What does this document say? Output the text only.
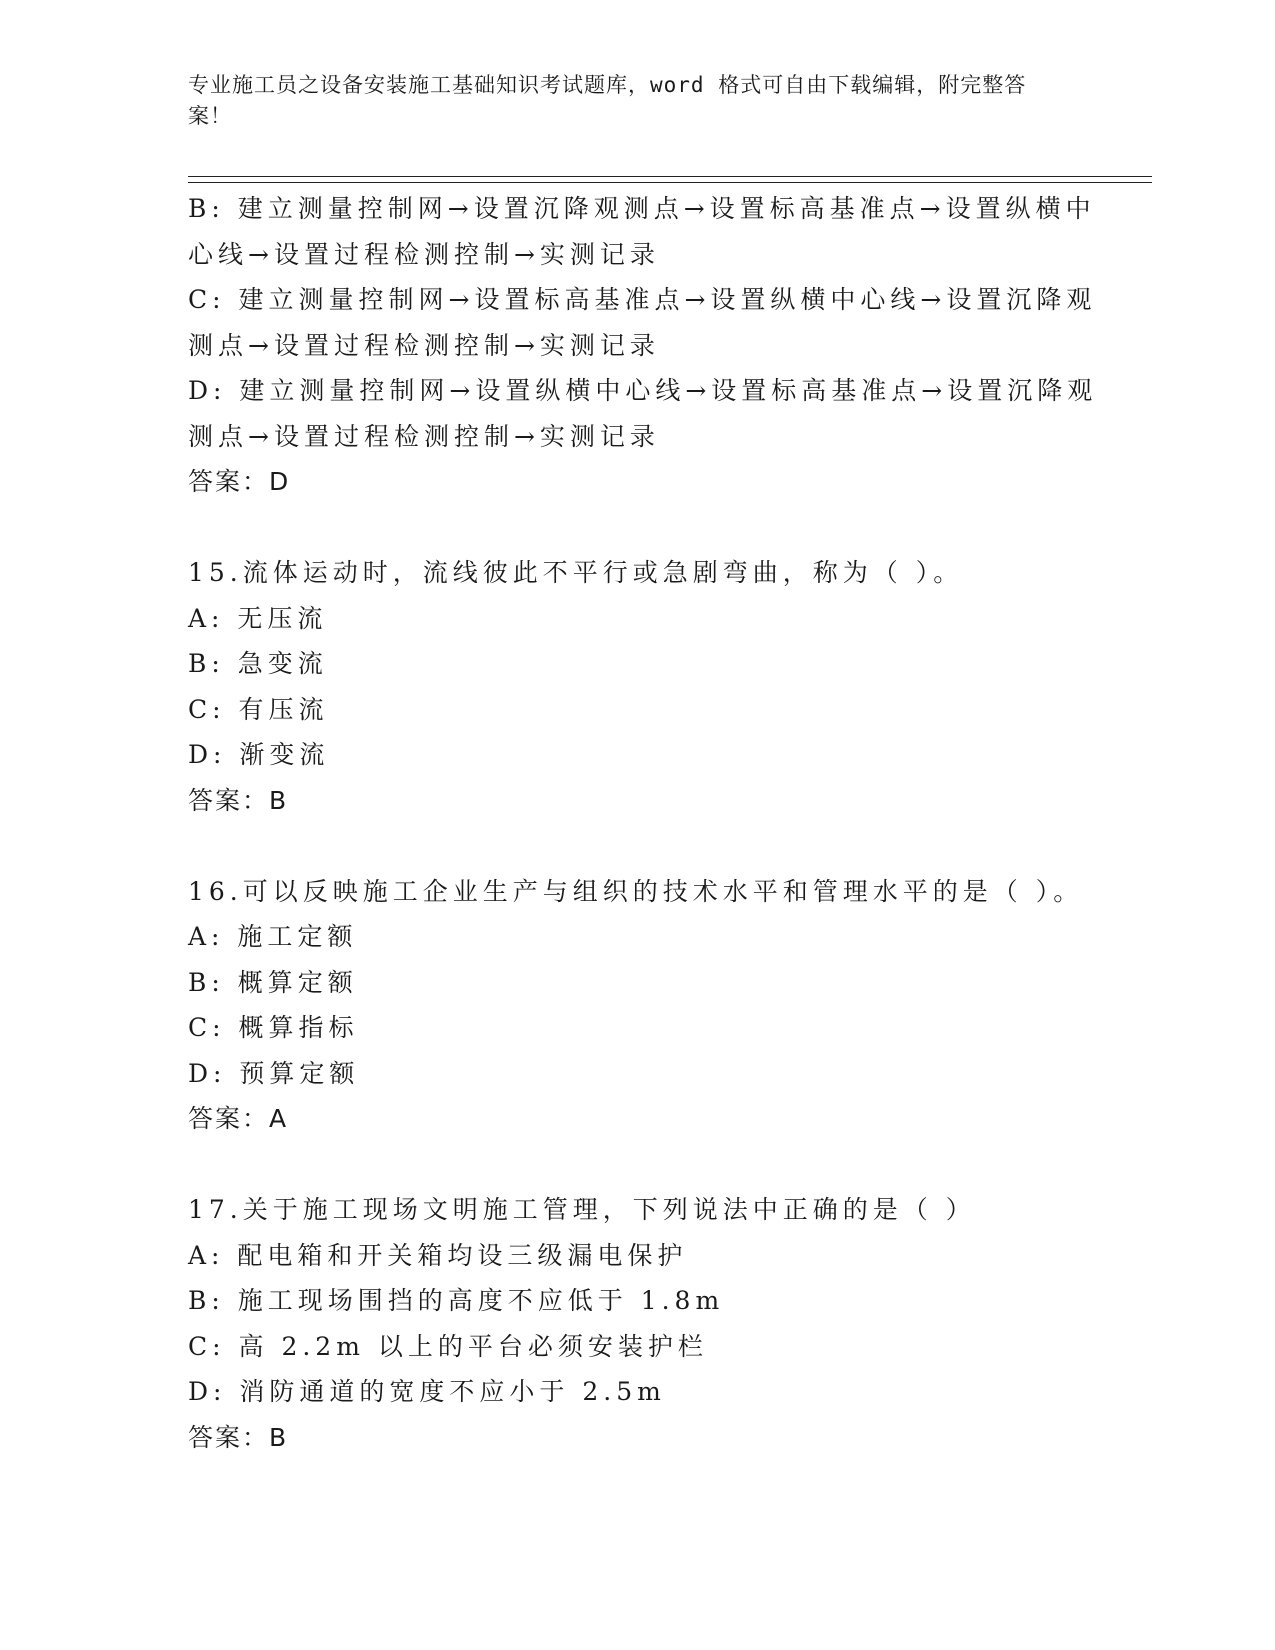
专业施工员之设备安装施工基础知识考试题库，word 格式可自由下载编辑，附完整答案！
B: 建立测量控制网→设置沉降观测点→设置标高基准点→设置纵横中
心线→设置过程检测控制→实测记录
C: 建立测量控制网→设置标高基准点→设置纵横中心线→设置沉降观
测点→设置过程检测控制→实测记录
D: 建立测量控制网→设置纵横中心线→设置标高基准点→设置沉降观
测点→设置过程检测控制→实测记录
答案：D
15.流体运动时，流线彼此不平行或急剧弯曲，称为（ ）。
A: 无压流
B: 急变流
C: 有压流
D: 渐变流
答案：B
16.可以反映施工企业生产与组织的技术水平和管理水平的是（ ）。
A: 施工定额
B: 概算定额
C: 概算指标
D: 预算定额
答案：A
17.关于施工现场文明施工管理，下列说法中正确的是（ ）
A: 配电箱和开关箱均设三级漏电保护
B: 施工现场围挡的高度不应低于 1.8m
C: 高 2.2m 以上的平台必须安装护栏
D: 消防通道的宽度不应小于 2.5m
答案：B
